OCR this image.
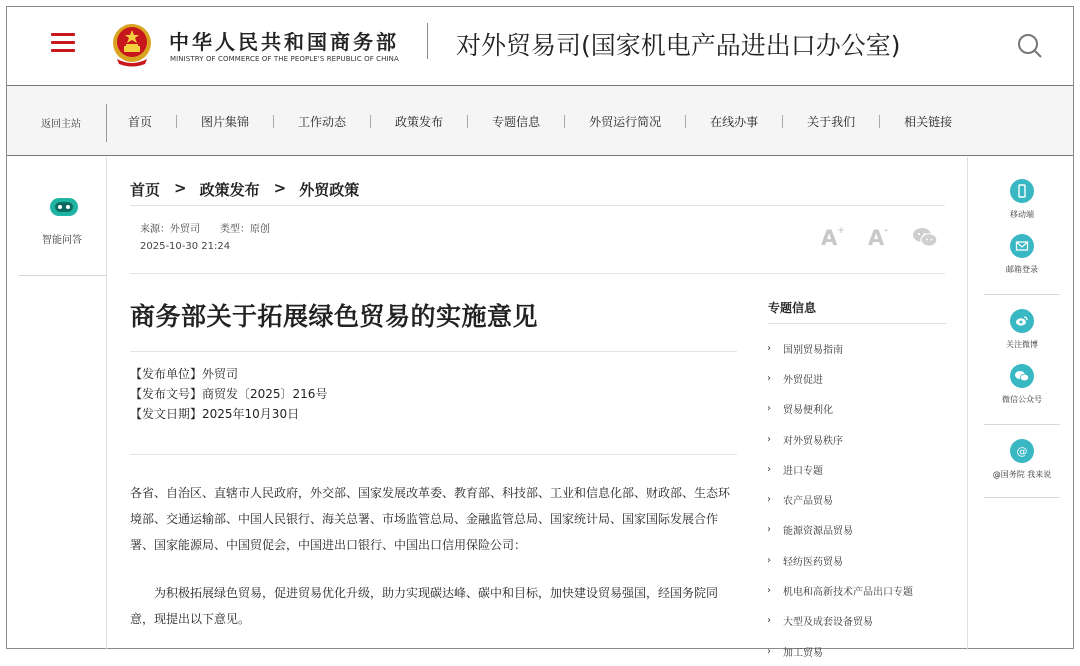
中华人民共和国商务部
MINISTRY OF COMMERCE OF THE PEOPLE'S REPUBLIC OF CHINA 对外贸易司(国家机电产品进出口办公室)
返回主站	首页	图片集锦	工作动态	政策发布	专题信息	外贸运行简况	在线办事	关于我们	相关链接
智能问答
移动端
邮箱登录
关注微博
微信公众号
@
@国务院 我来说
首页 > 政策发布 > 外贸政策
来源：外贸司 类型：原创
2025-10-30 21:24	A+ A-
商务部关于拓展绿色贸易的实施意见
【发布单位】外贸司
【发布文号】商贸发〔2025〕216号
【发文日期】2025年10月30日
各省、自治区、直辖市人民政府，外交部、国家发展改革委、教育部、科技部、工业和信息化部、财政部、生态环境部、交通运输部、中国人民银行、海关总署、市场监管总局、金融监管总局、国家统计局、国家国际发展合作署、国家能源局、中国贸促会，中国进出口银行、中国出口信用保险公司：
为积极拓展绿色贸易，促进贸易优化升级，助力实现碳达峰、碳中和目标，加快建设贸易强国，经国务院同意，现提出以下意见。
专题信息
›	国别贸易指南
›	外贸促进
›	贸易便利化
›	对外贸易秩序
›	进口专题
›	农产品贸易
›	能源资源品贸易
›	轻纺医药贸易
›	机电和高新技术产品出口专题
›	大型及成套设备贸易
›	加工贸易
